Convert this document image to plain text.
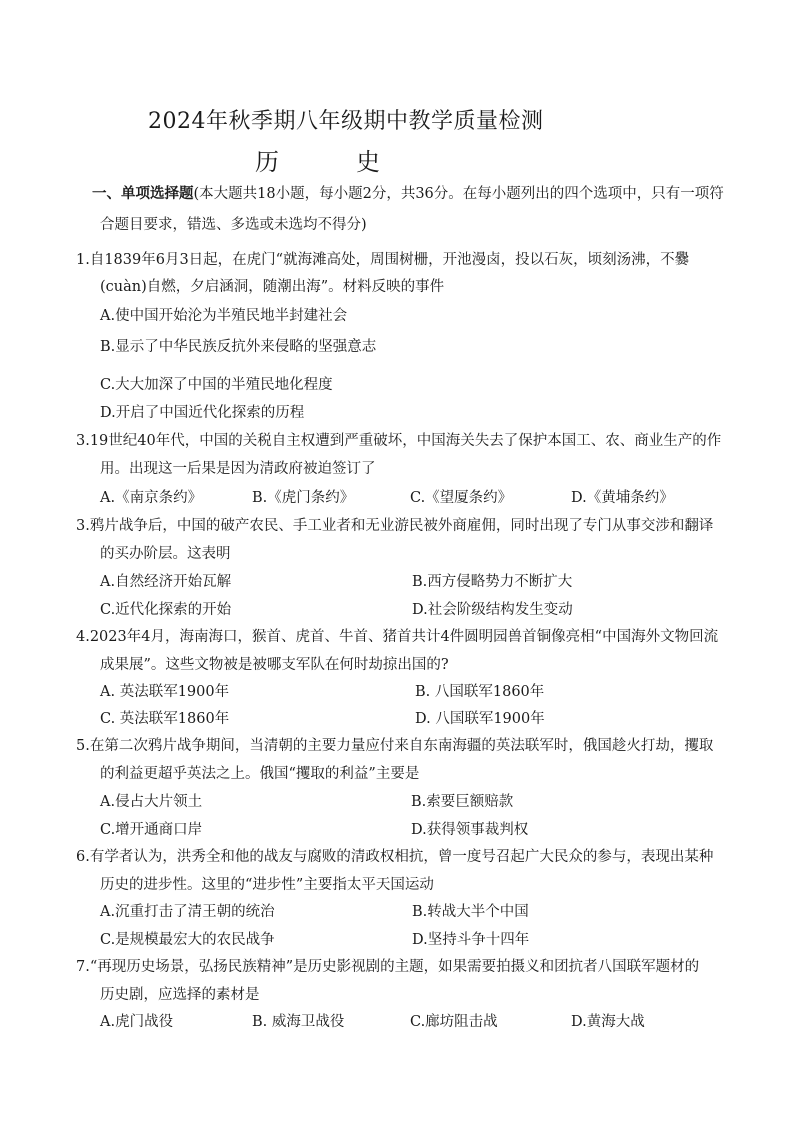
2024年秋季期八年级期中教学质量检测
历	史
一、单项选择题(本大题共18小题，每小题2分，共36分。在每小题列出的四个选项中，只有一项符
合题目要求，错选、多选或未选均不得分)
1.自1839年6月3日起，在虎门“就海滩高处，周围树栅，开池漫卤，投以石灰，顷刻汤沸，不爨
(cuàn)自燃，夕启涵洞，随潮出海”。材料反映的事件
A.使中国开始沦为半殖民地半封建社会
B.显示了中华民族反抗外来侵略的坚强意志
C.大大加深了中国的半殖民地化程度
D.开启了中国近代化探索的历程
3.19世纪40年代，中国的关税自主权遭到严重破坏，中国海关失去了保护本国工、农、商业生产的作
用。出现这一后果是因为清政府被迫签订了
A.《南京条约》	B.《虎门条约》	C.《望厦条约》	D.《黄埔条约》
3.鸦片战争后，中国的破产农民、手工业者和无业游民被外商雇佣，同时出现了专门从事交涉和翻译
的买办阶层。这表明
A.自然经济开始瓦解	B.西方侵略势力不断扩大
C.近代化探索的开始	D.社会阶级结构发生变动
4.2023年4月，海南海口，猴首、虎首、牛首、猪首共计4件圆明园兽首铜像亮相“中国海外文物回流
成果展”。这些文物被是被哪支军队在何时劫掠出国的?
A. 英法联军1900年	B. 八国联军1860年
C. 英法联军1860年	D. 八国联军1900年
5.在第二次鸦片战争期间，当清朝的主要力量应付来自东南海疆的英法联军时，俄国趁火打劫，攫取
的利益更超乎英法之上。俄国“攫取的利益”主要是
A.侵占大片领土	B.索要巨额赔款
C.增开通商口岸	D.获得领事裁判权
6.有学者认为，洪秀全和他的战友与腐败的清政权相抗，曾一度号召起广大民众的参与，表现出某种
历史的进步性。这里的“进步性”主要指太平天国运动
A.沉重打击了清王朝的统治	B.转战大半个中国
C.是规模最宏大的农民战争	D.坚持斗争十四年
7.“再现历史场景，弘扬民族精神”是历史影视剧的主题，如果需要拍摄义和团抗者八国联军题材的
历史剧，应选择的素材是
A.虎门战役	B. 威海卫战役	C.廊坊阻击战	D.黄海大战
